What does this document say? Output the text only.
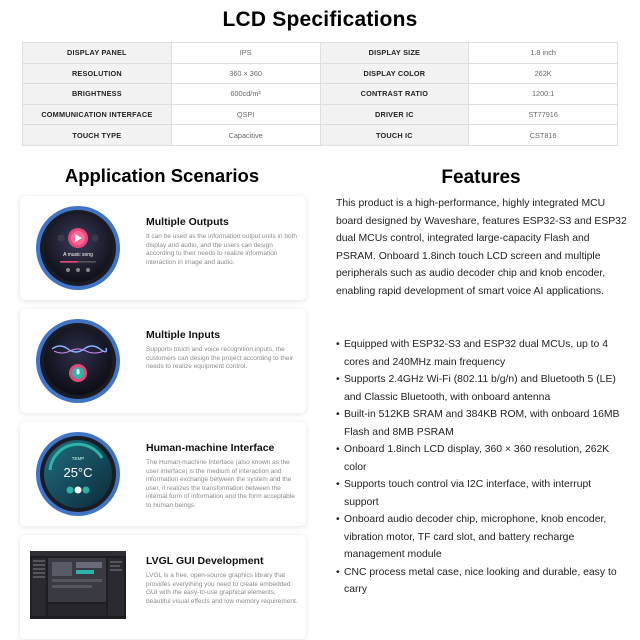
LCD Specifications
DISPLAY PANEL	IPS	DISPLAY SIZE	1.8 inch
RESOLUTION	360 × 360	DISPLAY COLOR	262K
BRIGHTNESS	600cd/m²	CONTRAST RATIO	1200:1
COMMUNICATION INTERFACE	QSPI	DRIVER IC	ST77916
TOUCH TYPE	Capacitive	TOUCH IC	CST816
Application Scenarios	Features
A music song
Multiple Outputs
It can be used as the information output units in both display and audio, and the users can design according to their needs to realize information interaction in image and audio.
Multiple Inputs
Supports touch and voice recognition inputs, the customers can design the project according to their needs to realize equipment control.
TEMP
25°C
Human-machine Interface
The Human-machine Interface (also known as the user interface) is the medium of interaction and information exchange between the system and the user, it realizes the transformation between the internal form of information and the form acceptable to human beings.
LVGL GUI Development
LVGL is a free, open-source graphics library that provides everything you need to create embedded GUI with the easy-to-use graphical elements, beautiful visual effects and low memory requirement.
This product is a high-performance, highly integrated MCU board designed by Waveshare, features ESP32-S3 and ESP32 dual MCUs control, integrated large-capacity Flash and PSRAM. Onboard 1.8inch touch LCD screen and multiple peripherals such as audio decoder chip and knob encoder, enabling rapid development of smart voice AI applications.
• Equipped with ESP32-S3 and ESP32 dual MCUs, up to 4 cores and 240MHz main frequency
• Supports 2.4GHz Wi-Fi (802.11 b/g/n) and Bluetooth 5 (LE) and Classic Bluetooth, with onboard antenna
• Built-in 512KB SRAM and 384KB ROM, with onboard 16MB Flash and 8MB PSRAM
• Onboard 1.8inch LCD display, 360 × 360 resolution, 262K color
• Supports touch control via I2C interface, with interrupt support
• Onboard audio decoder chip, microphone, knob encoder, vibration motor, TF card slot, and battery recharge management module
• CNC process metal case, nice looking and durable, easy to carry
